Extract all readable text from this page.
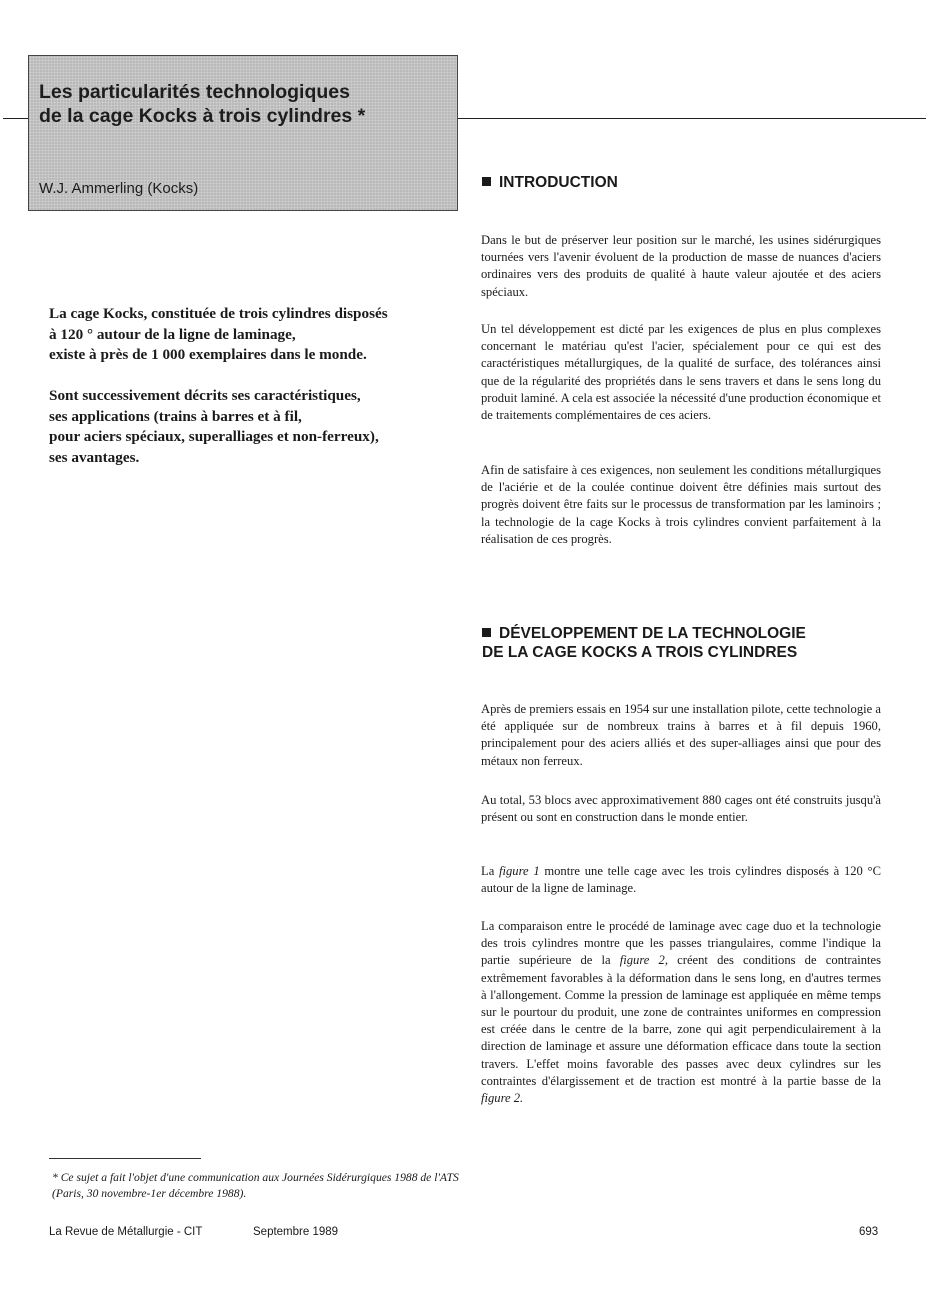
Les particularités technologiques
de la cage Kocks à trois cylindres *
W.J. Ammerling (Kocks)

La cage Kocks, constituée de trois cylindres disposés
à 120 ° autour de la ligne de laminage,
existe à près de 1 000 exemplaires dans le monde.

Sont successivement décrits ses caractéristiques,
ses applications (trains à barres et à fil,
pour aciers spéciaux, superalliages et non-ferreux),
ses avantages.

INTRODUCTION

Dans le but de préserver leur position sur le marché, les usines sidérurgiques tournées vers l'avenir évoluent de la production de masse de nuances d'aciers ordinaires vers des produits de qualité à haute valeur ajoutée et des aciers spéciaux.

Un tel développement est dicté par les exigences de plus en plus complexes concernant le matériau qu'est l'acier, spécialement pour ce qui est des caractéristiques métallurgiques, de la qualité de surface, des tolérances ainsi que de la régularité des propriétés dans le sens travers et dans le sens long du produit laminé. A cela est associée la nécessité d'une production économique et de traitements complémentaires de ces aciers.

Afin de satisfaire à ces exigences, non seulement les conditions métallurgiques de l'aciérie et de la coulée continue doivent être définies mais surtout des progrès doivent être faits sur le processus de transformation par les laminoirs ; la technologie de la cage Kocks à trois cylindres convient parfaitement à la réalisation de ces progrès.

DÉVELOPPEMENT DE LA TECHNOLOGIE
DE LA CAGE KOCKS A TROIS CYLINDRES

Après de premiers essais en 1954 sur une installation pilote, cette technologie a été appliquée sur de nombreux trains à barres et à fil depuis 1960, principalement pour des aciers alliés et des super-alliages ainsi que pour des métaux non ferreux.

Au total, 53 blocs avec approximativement 880 cages ont été construits jusqu'à présent ou sont en construction dans le monde entier.

La figure 1 montre une telle cage avec les trois cylindres disposés à 120 °C autour de la ligne de laminage.

La comparaison entre le procédé de laminage avec cage duo et la technologie des trois cylindres montre que les passes triangulaires, comme l'indique la partie supérieure de la figure 2, créent des conditions de contraintes extrêmement favorables à la déformation dans le sens long, en d'autres termes à l'allongement. Comme la pression de laminage est appliquée en même temps sur le pourtour du produit, une zone de contraintes uniformes en compression est créée dans le centre de la barre, zone qui agit perpendiculairement à la direction de laminage et assure une déformation efficace dans toute la section travers. L'effet moins favorable des passes avec deux cylindres sur les contraintes d'élargissement et de traction est montré à la partie basse de la figure 2.

* Ce sujet a fait l'objet d'une communication aux Journées Sidérurgiques 1988 de l'ATS (Paris, 30 novembre-1er décembre 1988).

La Revue de Métallurgie - CIT	Septembre 1989	693
